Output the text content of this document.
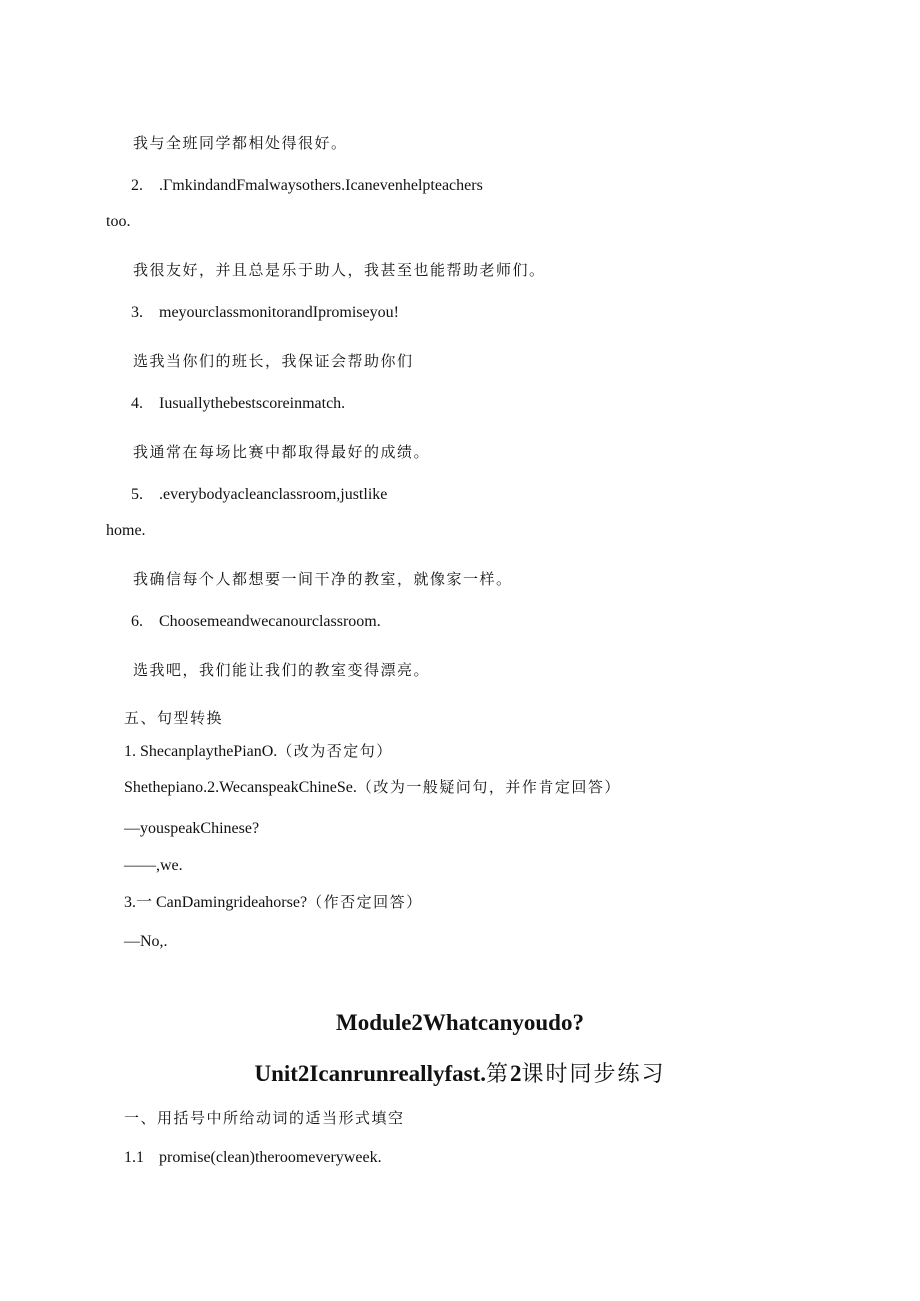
我与全班同学都相处得很好。
2. .ΓmkindandFmalwaysothers.Icanevenhelpteachers
too.
我很友好，并且总是乐于助人，我甚至也能帮助老师们。
3. meyourclassmonitorandIpromiseyou!
选我当你们的班长，我保证会帮助你们
4. Iusuallythebestscoreinmatch.
我通常在每场比赛中都取得最好的成绩。
5. .everybodyacleanclassroom,justlike
home.
我确信每个人都想要一间干净的教室，就像家一样。
6. Choosemeandwecanourclassroom.
选我吧，我们能让我们的教室变得漂亮。
五、句型转换
1. ShecanplaythePianO.（改为否定句）
Shethepiano.2.WecanspeakChineSe.（改为一般疑问句，并作肯定回答）
—youspeakChinese?
——,we.
3.一 CanDamingrideahorse?（作否定回答）
—No,.
Module2Whatcanyoudo?
Unit2Icanrunreallyfast.第2课时同步练习
一、用括号中所给动词的适当形式填空
1.1 promise(clean)theroomeveryweek.
